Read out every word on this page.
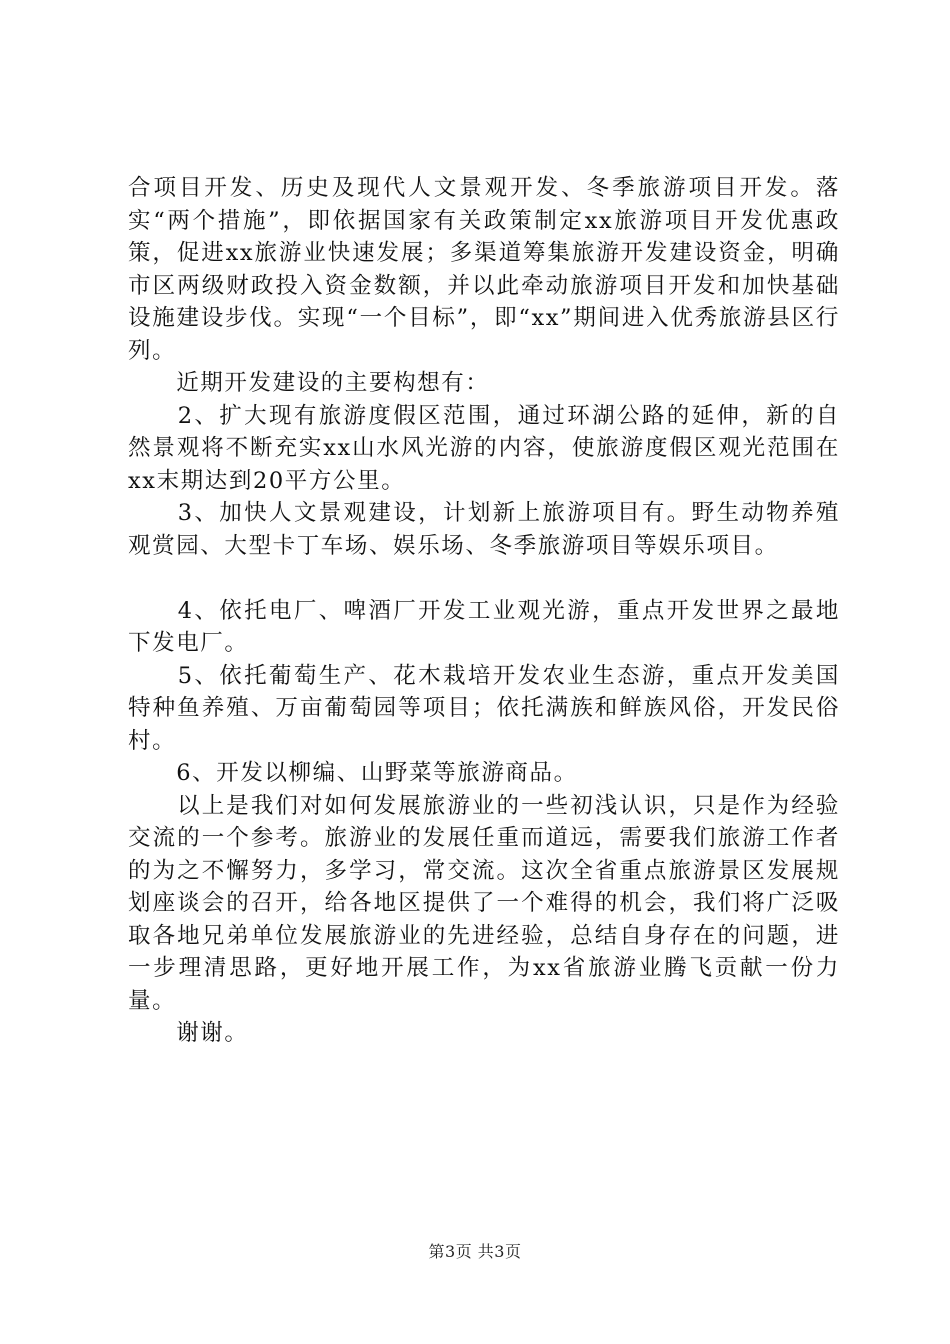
合项目开发、历史及现代人文景观开发、冬季旅游项目开发。落实“两个措施”，即依据国家有关政策制定xx旅游项目开发优惠政策，促进xx旅游业快速发展；多渠道筹集旅游开发建设资金，明确市区两级财政投入资金数额，并以此牵动旅游项目开发和加快基础设施建设步伐。实现“一个目标”，即“xx”期间进入优秀旅游县区行列。

　　近期开发建设的主要构想有：

　　2、扩大现有旅游度假区范围，通过环湖公路的延伸，新的自然景观将不断充实xx山水风光游的内容，使旅游度假区观光范围在xx末期达到20平方公里。

　　3、加快人文景观建设，计划新上旅游项目有。野生动物养殖观赏园、大型卡丁车场、娱乐场、冬季旅游项目等娱乐项目。

　　4、依托电厂、啤酒厂开发工业观光游，重点开发世界之最地下发电厂。

　　5、依托葡萄生产、花木栽培开发农业生态游，重点开发美国特种鱼养殖、万亩葡萄园等项目；依托满族和鲜族风俗，开发民俗村。

　　6、开发以柳编、山野菜等旅游商品。

　　以上是我们对如何发展旅游业的一些初浅认识，只是作为经验交流的一个参考。旅游业的发展任重而道远，需要我们旅游工作者的为之不懈努力，多学习，常交流。这次全省重点旅游景区发展规划座谈会的召开，给各地区提供了一个难得的机会，我们将广泛吸取各地兄弟单位发展旅游业的先进经验，总结自身存在的问题，进一步理清思路，更好地开展工作，为xx省旅游业腾飞贡献一份力量。

　　谢谢。

第3页 共3页
